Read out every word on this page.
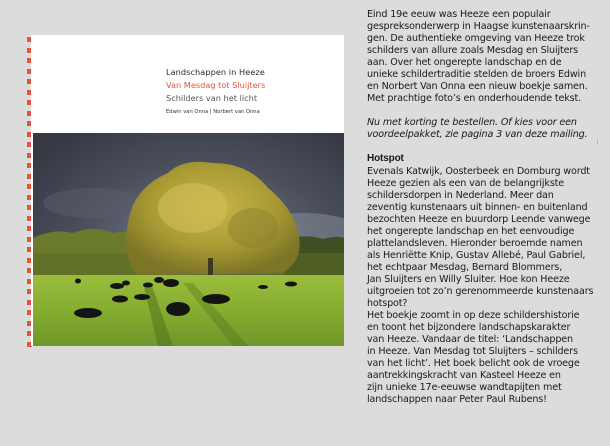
Landschappen in Heeze
Van Mesdag tot Sluijters
Schilders van het licht
Edwin van Onna | Norbert van Onna

Eind 19e eeuw was Heeze een populair
gespreksonderwerp in Haagse kunstenaarskrin-
gen. De authentieke omgeving van Heeze trok
schilders van allure zoals Mesdag en Sluijters
aan. Over het ongerepte landschap en de
unieke schildertraditie stelden de broers Edwin
en Norbert Van Onna een nieuw boekje samen.
Met prachtige foto’s en onderhoudende tekst.

Nu met korting te bestellen. Of kies voor een
voordeelpakket, zie pagina 3 van deze mailing.

Hotspot

Evenals Katwijk, Oosterbeek en Domburg wordt
Heeze gezien als een van de belangrijkste
schildersdorpen in Nederland. Meer dan
zeventig kunstenaars uit binnen- en buitenland
bezochten Heeze en buurdorp Leende vanwege
het ongerepte landschap en het eenvoudige
plattelandsleven. Hieronder beroemde namen
als Henriëtte Knip, Gustav Allebé, Paul Gabriel,
het echtpaar Mesdag, Bernard Blommers,
Jan Sluijters en Willy Sluiter. Hoe kon Heeze
uitgroeien tot zo’n gerenommeerde kunstenaars
hotspot?
Het boekje zoomt in op deze schildershistorie
en toont het bijzondere landschapskarakter
van Heeze. Vandaar de titel: ‘Landschappen
in Heeze. Van Mesdag tot Sluijters – schilders
van het licht’. Het boek belicht ook de vroege
aantrekkingskracht van Kasteel Heeze en
zijn unieke 17e-eeuwse wandtapijten met
landschappen naar Peter Paul Rubens!
